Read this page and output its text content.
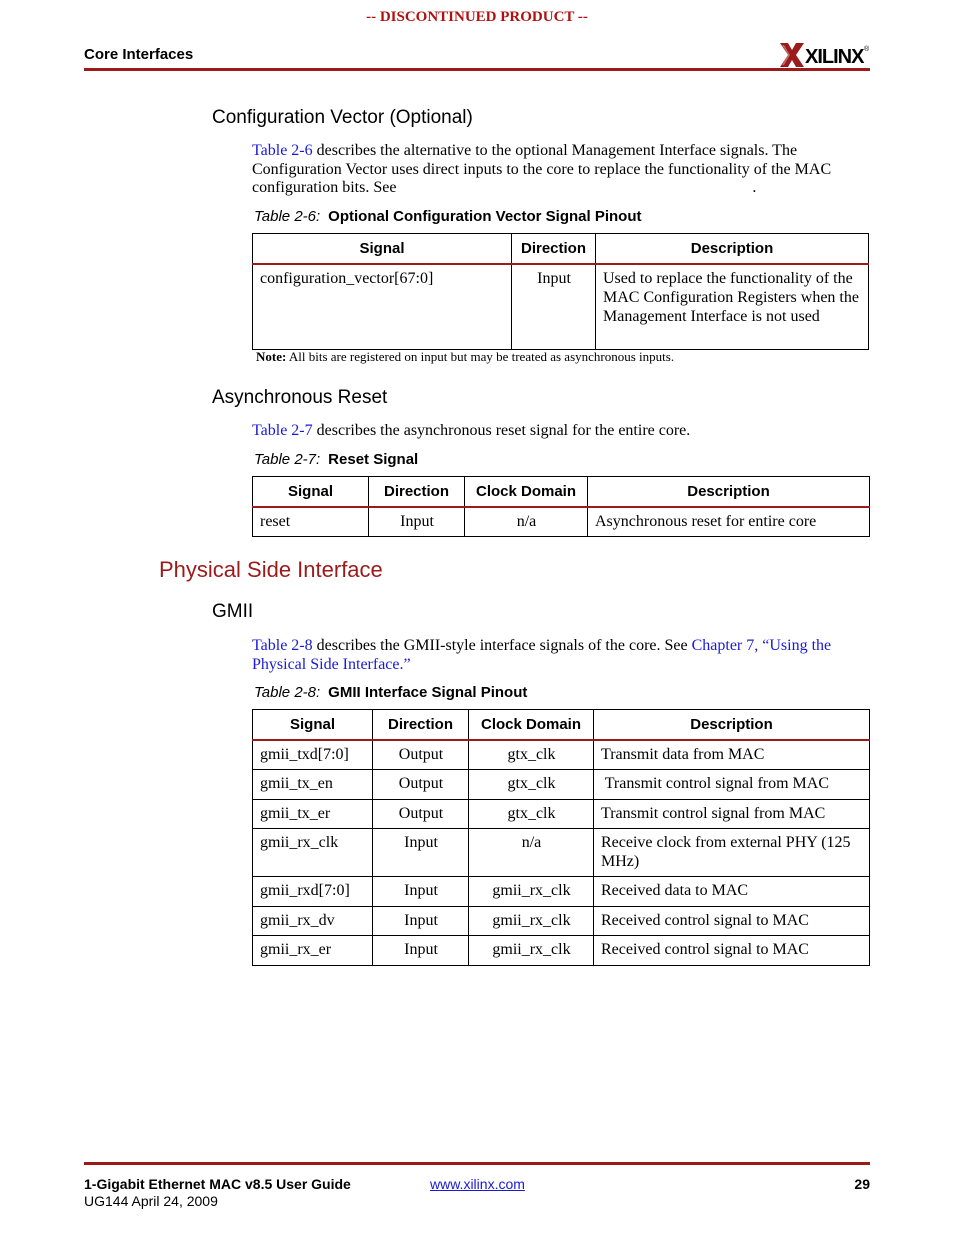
-- DISCONTINUED PRODUCT --
Core Interfaces	XILINX ®
Configuration Vector (Optional)
Table 2-6 describes the alternative to the optional Management Interface signals. The
Configuration Vector uses direct inputs to the core to replace the functionality of the MAC
configuration bits. See	.
Table 2-6: Optional Configuration Vector Signal Pinout
Signal	Direction	Description
configuration_vector[67:0]	Input	Used to replace the functionality of the MAC Configuration Registers when the Management Interface is not used
Note: All bits are registered on input but may be treated as asynchronous inputs.
Asynchronous Reset
Table 2-7 describes the asynchronous reset signal for the entire core.
Table 2-7: Reset Signal
Signal	Direction	Clock Domain	Description
reset	Input	n/a	Asynchronous reset for entire core
Physical Side Interface
GMII
Table 2-8 describes the GMII-style interface signals of the core. See Chapter 7, “Using the
Physical Side Interface.”
Table 2-8: GMII Interface Signal Pinout
Signal	Direction	Clock Domain	Description
gmii_txd[7:0]	Output	gtx_clk	Transmit data from MAC
gmii_tx_en	Output	gtx_clk	Transmit control signal from MAC
gmii_tx_er	Output	gtx_clk	Transmit control signal from MAC
gmii_rx_clk	Input	n/a	Receive clock from external PHY (125 MHz)
gmii_rxd[7:0]	Input	gmii_rx_clk	Received data to MAC
gmii_rx_dv	Input	gmii_rx_clk	Received control signal to MAC
gmii_rx_er	Input	gmii_rx_clk	Received control signal to MAC
1-Gigabit Ethernet MAC v8.5 User Guide
UG144 April 24, 2009
www.xilinx.com	29
